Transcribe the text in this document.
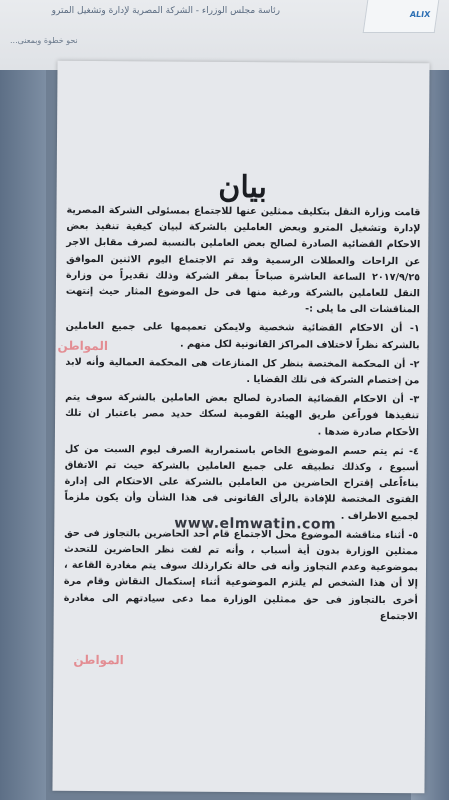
رئاسة مجلس الوزراء - الشركة المصرية لإدارة وتشغيل المترو
نحو خطوة وبمعنى...
ALIX
بيان

قامت وزارة النقل بتكليف ممثلين عنها للاجتماع بمسئولى الشركة المصرية لإدارة وتشغيل المترو وبعض العاملين بالشركة لبيان كيفية تنفيذ بعض الاحكام القضائية الصادرة لصالح بعض العاملين بالنسبة لصرف مقابل الاجر عن الراحات والعطلات الرسمية وقد تم الاجتماع اليوم الاثنين الموافق ٢٠١٧/٩/٢٥ الساعة العاشرة صباحاً بمقر الشركة وذلك تقديراً من وزارة النقل للعاملين بالشركة ورغبة منها فى حل الموضوع المثار حيث إنتهت المناقشات الى ما يلى :-

١- أن الاحكام القضائية شخصية ولايمكن تعميمها على جميع العاملين بالشركة نظراً لاختلاف المراكز القانونية لكل منهم .

٢- أن المحكمة المختصة بنظر كل المنازعات هى المحكمة العمالية وأنه لابد من إختصام الشركة فى تلك القضايا .

٣- أن الاحكام القضائية الصادرة لصالح بعض العاملين بالشركة سوف يتم تنفيذها فوراًعن طريق الهيئة القومية لسكك حديد مصر باعتبار ان تلك الأحكام صادرة ضدها .

٤- ثم يتم حسم الموضوع الخاص باستمرارية الصرف ليوم السبت من كل أسبوع ، وكذلك تطبيقه على جميع العاملين بالشركة حيث تم الاتفاق بناءاًعلى إقتراح الحاضرين من العاملين بالشركة على الاحتكام الى إدارة الفتوى المختصة للإفادة بالرأى القانونى فى هذا الشأن وأن يكون ملزماً لجميع الاطراف .

٥- أثناء مناقشة الموضوع محل الاجتماع قام أحد الحاضرين بالتجاوز فى حق ممثلين الوزارة بدون أية أسباب ، وأنه تم لفت نظر الحاضرين للتحدث بموضوعية وعدم التجاوز وأنه فى حالة تكرارذلك سوف يتم مغادرة القاعة ، إلا أن هذا الشخص لم يلتزم الموضوعية أثناء إستكمال النقاش وقام مرة أخرى بالتجاوز فى حق ممثلين الوزارة مما دعى سيادتهم الى مغادرة الاجتماع

المواطن
www.elmwatin.com
المواطن
